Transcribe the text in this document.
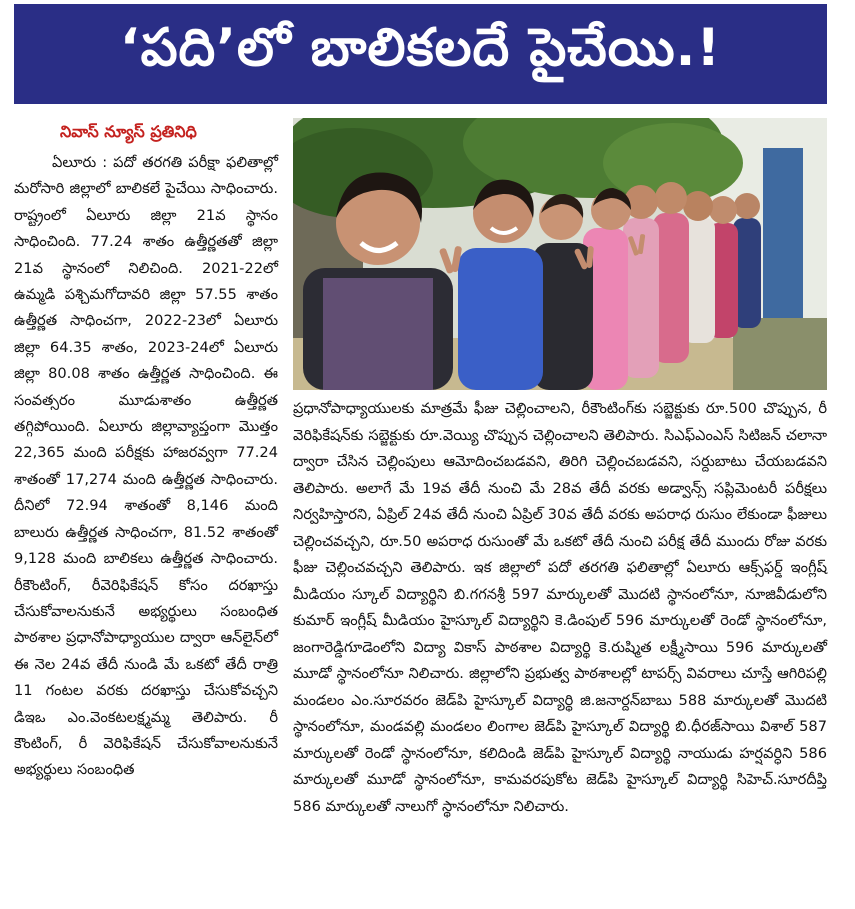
‘పది’లో బాలికలదే పైచేయి.!
నివాస్ న్యూస్ ప్రతినిధి

ఏలూరు : పదో తరగతి పరీక్షా ఫలితాల్లో మరోసారి జిల్లాలో బాలికలే పైచేయి సాధించారు. రాష్ట్రంలో ఏలూరు జిల్లా 21వ స్థానం సాధించింది. 77.24 శాతం ఉత్తీర్ణతతో జిల్లా 21వ స్థానంలో నిలిచింది. 2021-22లో ఉమ్మడి పశ్చిమగోదావరి జిల్లా 57.55 శాతం ఉత్తీర్ణత సాధించగా, 2022-23లో ఏలూరు జిల్లా 64.35 శాతం, 2023-24లో ఏలూరు జిల్లా 80.08 శాతం ఉత్తీర్ణత సాధించింది. ఈ సంవత్సరం మూడుశాతం ఉత్తీర్ణత తగ్గిపోయింది. ఏలూరు జిల్లావ్యాప్తంగా మొత్తం 22,365 మంది పరీక్షకు హాజరవ్వగా 77.24 శాతంతో 17,274 మంది ఉత్తీర్ణత సాధించారు. దీనిలో 72.94 శాతంతో 8,146 మంది బాలురు ఉత్తీర్ణత సాధించగా, 81.52 శాతంతో 9,128 మంది బాలికలు ఉత్తీర్ణత సాధించారు. రీకౌంటింగ్, రీవెరిఫికేషన్ కోసం దరఖాస్తు చేసుకోవాలనుకునే అభ్యర్థులు సంబంధిత పాఠశాల ప్రధానోపాధ్యాయుల ద్వారా ఆన్‌లైన్‌లో ఈ నెల 24వ తేదీ నుండి మే ఒకటో తేదీ రాత్రి 11 గంటల వరకు దరఖాస్తు చేసుకోవచ్చని డిఇఒ ఎం.వెంకటలక్ష్మమ్మ తెలిపారు. రీ కౌంటింగ్, రీ వెరిఫికేషన్ చేసుకోవాలనుకునే అభ్యర్థులు సంబంధిత

ప్రధానోపాధ్యాయులకు మాత్రమే ఫీజు చెల్లించాలని, రీకౌంటింగ్‌కు సబ్జెక్టుకు రూ.500 చొప్పున, రీ వెరిఫికేషన్‌కు సబ్జెక్టుకు రూ.వెయ్యి చొప్పున చెల్లించాలని తెలిపారు. సిఎఫ్ఎంఎస్ సిటిజన్ చలానా ద్వారా చేసిన చెల్లింపులు ఆమోదించబడవని, తిరిగి చెల్లించబడవని, సర్దుబాటు చేయబడవని తెలిపారు. అలాగే మే 19వ తేదీ నుంచి మే 28వ తేదీ వరకు అడ్వాన్స్ సప్లిమెంటరీ పరీక్షలు నిర్వహిస్తారని, ఏప్రిల్ 24వ తేదీ నుంచి ఏప్రిల్ 30వ తేదీ వరకు అపరాధ రుసుం లేకుండా ఫీజులు చెల్లించవచ్చని, రూ.50 అపరాధ రుసుంతో మే ఒకటో తేదీ నుంచి పరీక్ష తేదీ ముందు రోజు వరకు ఫీజు చెల్లించవచ్చని తెలిపారు. ఇక జిల్లాలో పదో తరగతి ఫలితాల్లో ఏలూరు ఆక్స్‌ఫర్డ్ ఇంగ్లీష్ మీడియం స్కూల్ విద్యార్థిని బి.గగనశ్రీ 597 మార్కులతో మొదటి స్థానంలోనూ, నూజివీడులోని కుమార్ ఇంగ్లీష్ మీడియం హైస్కూల్ విద్యార్థిని కె.డింపుల్ 596 మార్కులతో రెండో స్థానంలోనూ, జంగారెడ్డిగూడెంలోని విద్యా వికాస్ పాఠశాల విద్యార్థి కె.రుష్మిత లక్ష్మీసాయి 596 మార్కులతో మూడో స్థానంలోనూ నిలిచారు. జిల్లాలోని ప్రభుత్వ పాఠశాలల్లో టాపర్స్ వివరాలు చూస్తే ఆగిరిపల్లి మండలం ఎం.సూరవరం జెడ్‌పి హైస్కూల్ విద్యార్థి జి.జనార్దన్‌బాబు 588 మార్కులతో మొదటి స్థానంలోనూ, మండవల్లి మండలం లింగాల జెడ్‌పి హైస్కూల్ విద్యార్థి బి.ధీరజ్‌సాయి విశాల్ 587 మార్కులతో రెండో స్థానంలోనూ, కలిదిండి జెడ్‌పి హైస్కూల్ విద్యార్థి నాయుడు హర్షవర్ధిని 586 మార్కులతో మూడో స్థానంలోనూ, కామవరపుకోట జెడ్‌పి హైస్కూల్ విద్యార్థి సిహెచ్.సూరదీప్తి 586 మార్కులతో నాలుగో స్థానంలోనూ నిలిచారు.
